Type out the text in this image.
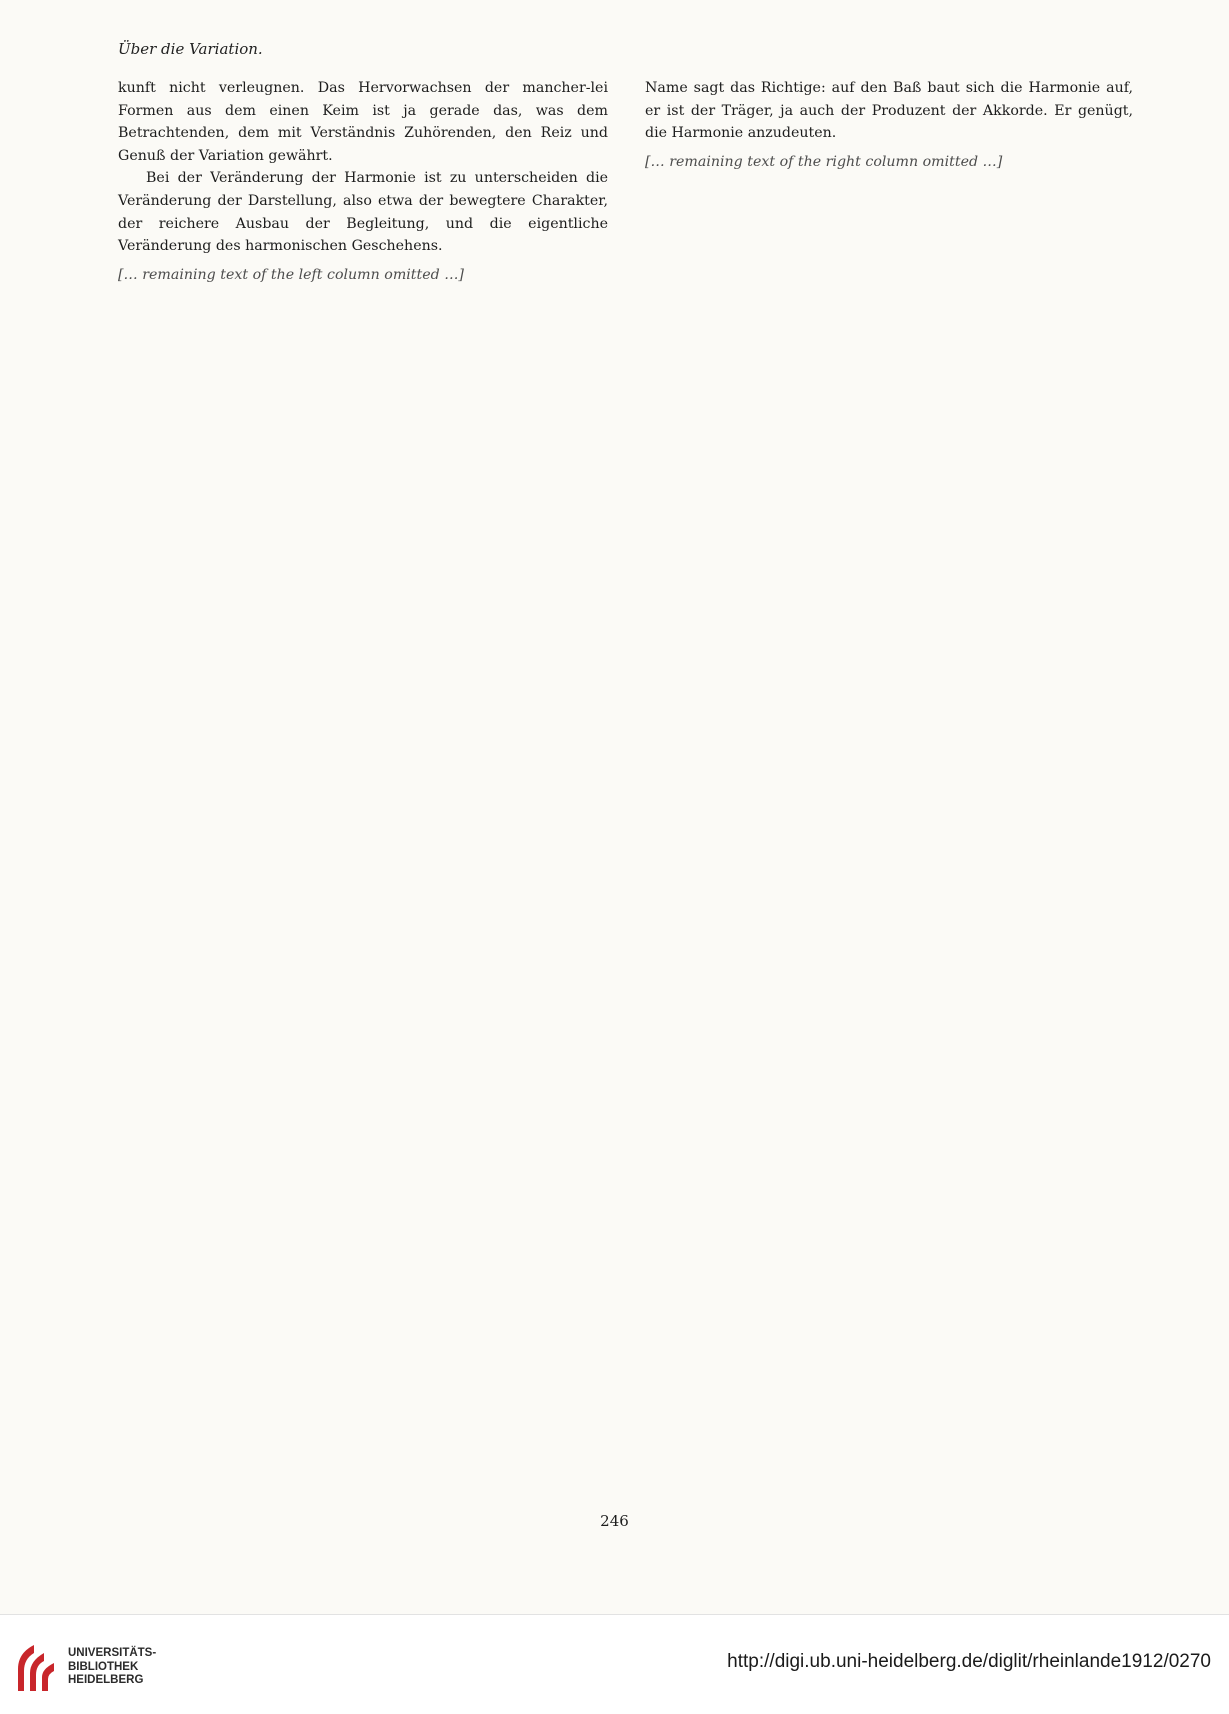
Über die Variation.

kunft nicht verleugnen. Das Hervorwachsen der mancher-lei Formen aus dem einen Keim ist ja gerade das, was dem Betrachtenden, dem mit Verständnis Zuhörenden, den Reiz und Genuß der Variation gewährt.

Bei der Veränderung der Harmonie ist zu unterscheiden die Veränderung der Darstellung, also etwa der bewegtere Charakter, der reichere Ausbau der Begleitung, und die eigentliche Veränderung des harmonischen Geschehens.

[… remaining text of the left column omitted …]

Name sagt das Richtige: auf den Baß baut sich die Harmonie auf, er ist der Träger, ja auch der Produzent der Akkorde. Er genügt, die Harmonie anzudeuten.

[… remaining text of the right column omitted …]

246
UNIVERSITÄTS-
BIBLIOTHEK
HEIDELBERG
http://digi.ub.uni-heidelberg.de/diglit/rheinlande1912/0270
